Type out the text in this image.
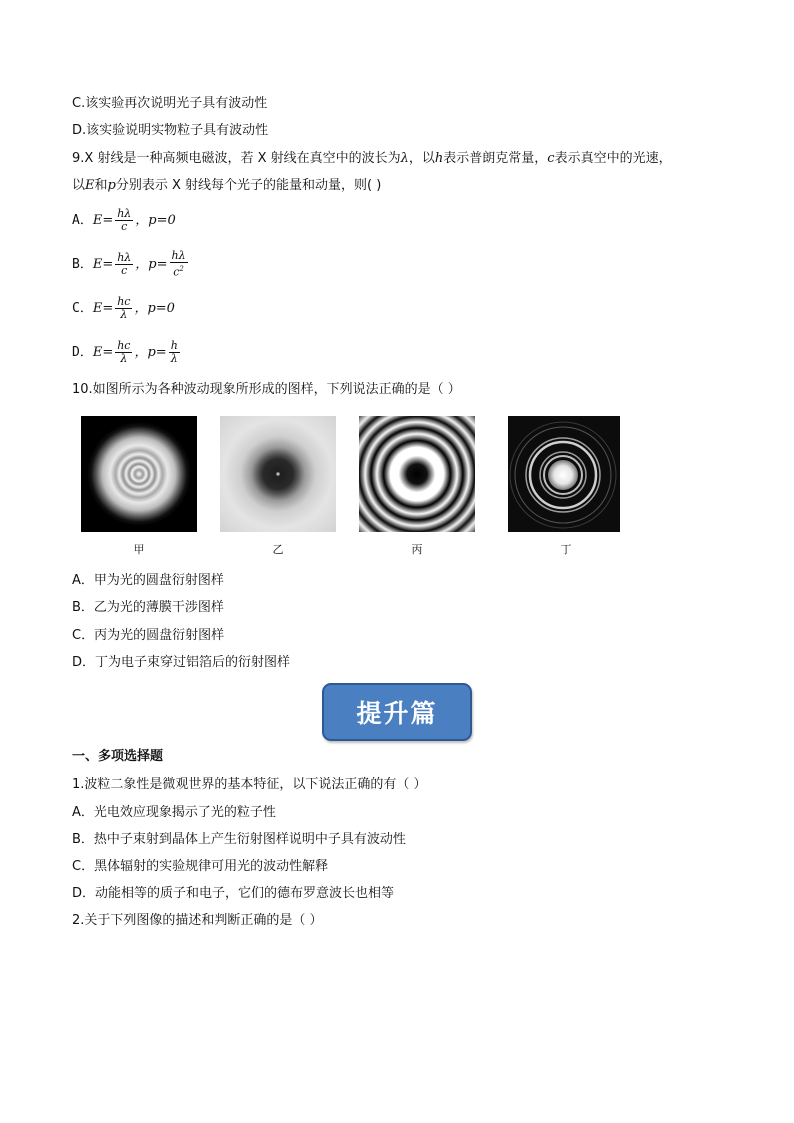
C.该实验再次说明光子具有波动性
D.该实验说明实物粒子具有波动性
9.X 射线是一种高频电磁波，若 X 射线在真空中的波长为λ，以h表示普朗克常量，c表示真空中的光速，
以E和p分别表示 X 射线每个光子的能量和动量，则( )
A．$E= \frac{h\lambda}{c}$ ，p=0
B．$E= \frac{h\lambda}{c}$ ，$p= \frac{h\lambda}{c^2}$
C．$E= \frac{hc}{\lambda}$ ，p=0
D．$E= \frac{hc}{\lambda}$ ，$p= \frac{h}{\lambda}$
10.如图所示为各种波动现象所形成的图样，下列说法正确的是（ ）
甲	乙	丙	丁
A．甲为光的圆盘衍射图样
B．乙为光的薄膜干涉图样
C．丙为光的圆盘衍射图样
D．丁为电子束穿过铝箔后的衍射图样
提升篇
一、多项选择题
1.波粒二象性是微观世界的基本特征，以下说法正确的有（ ）
A．光电效应现象揭示了光的粒子性
B．热中子束射到晶体上产生衍射图样说明中子具有波动性
C．黑体辐射的实验规律可用光的波动性解释
D．动能相等的质子和电子，它们的德布罗意波长也相等
2.关于下列图像的描述和判断正确的是（ ）
